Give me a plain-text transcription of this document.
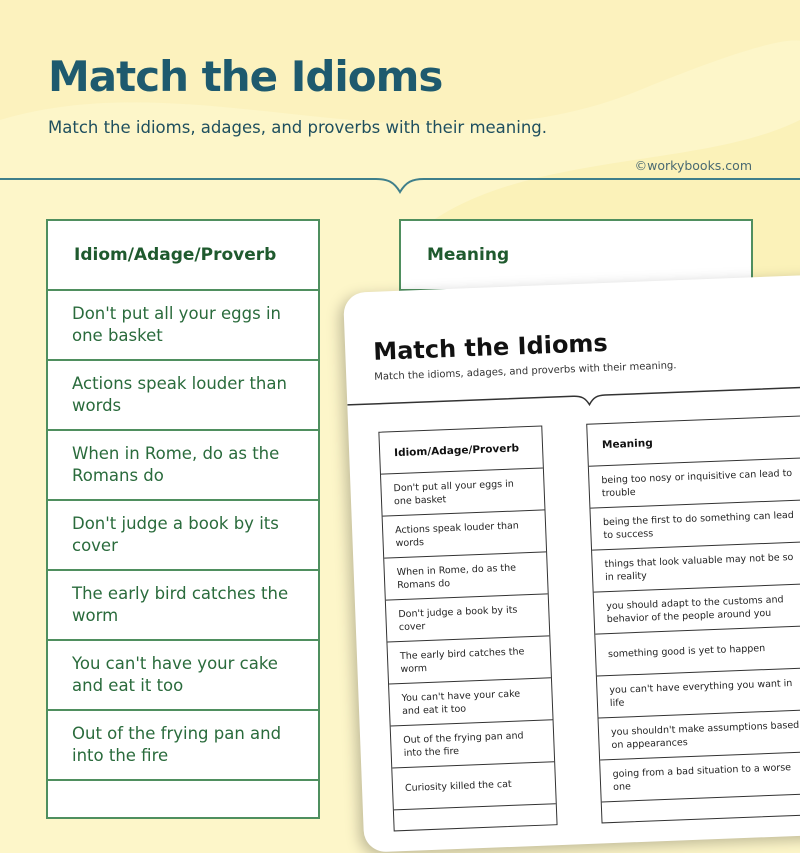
Match the Idioms

Match the idioms, adages, and proverbs with their meaning.

©workybooks.com
Idiom/Adage/Proverb
Don't put all your eggs in one basket
Actions speak louder than words
When in Rome, do as the Romans do
Don't judge a book by its cover
The early bird catches the worm
You can't have your cake and eat it too
Out of the frying pan and into the fire
Meaning
Match the Idioms

Match the idioms, adages, and proverbs with their meaning.

Idiom/Adage/Proverb
Don't put all your eggs in one basket
Actions speak louder than words
When in Rome, do as the Romans do
Don't judge a book by its cover
The early bird catches the worm
You can't have your cake and eat it too
Out of the frying pan and into the fire
Curiosity killed the cat
Meaning
being too nosy or inquisitive can lead to trouble
being the first to do something can lead to success
things that look valuable may not be so in reality
you should adapt to the customs and behavior of the people around you
something good is yet to happen
you can't have everything you want in life
you shouldn't make assumptions based on appearances
going from a bad situation to a worse one
